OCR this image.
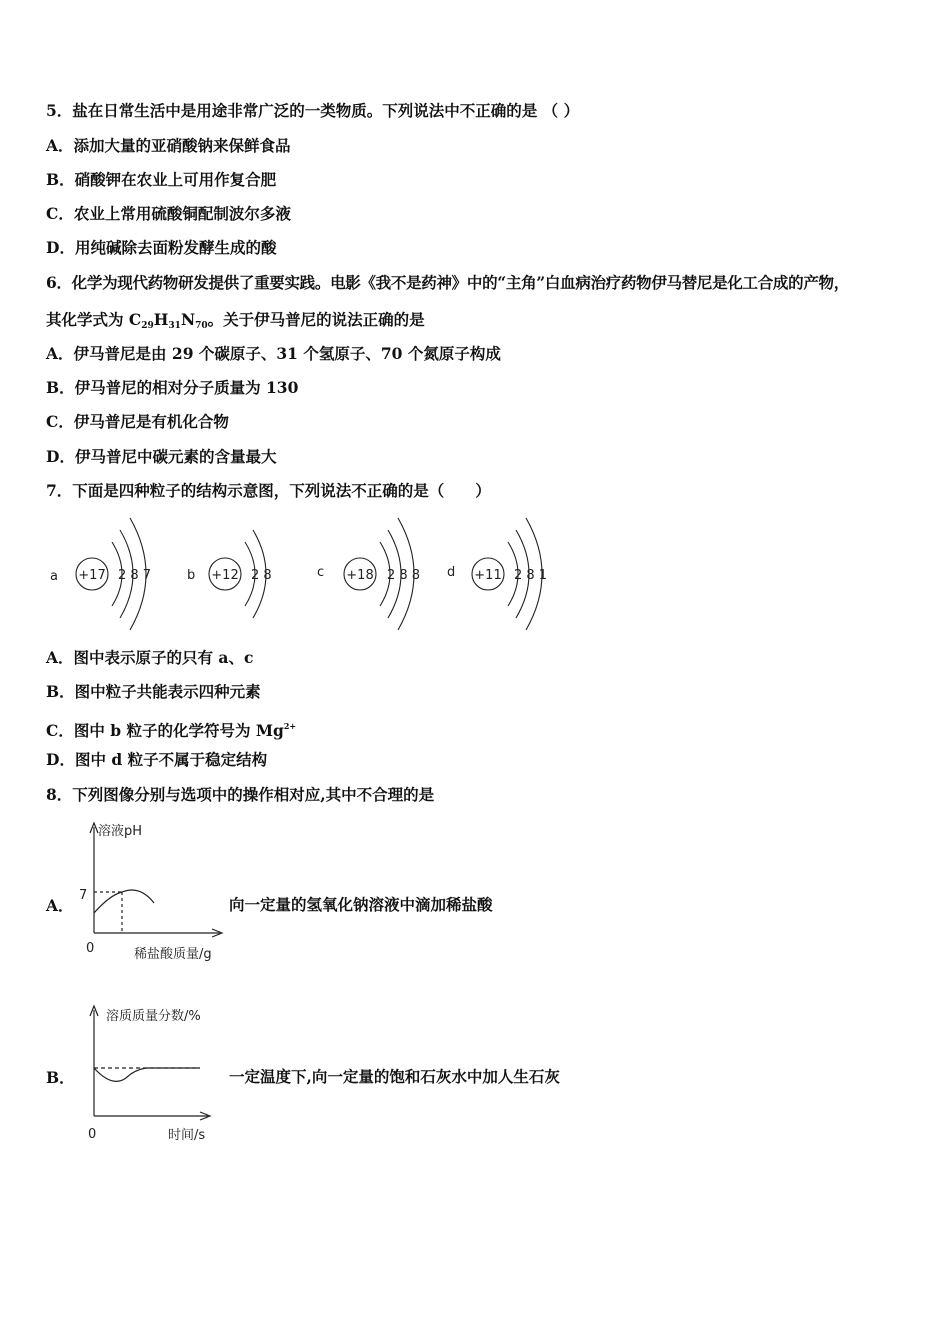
5．盐在日常生活中是用途非常广泛的一类物质。下列说法中不正确的是 （ ）
A．添加大量的亚硝酸钠来保鲜食品
B．硝酸钾在农业上可用作复合肥
C．农业上常用硫酸铜配制波尔多液
D．用纯碱除去面粉发酵生成的酸
6．化学为现代药物研发提供了重要实践。电影《我不是药神》中的“主角”白血病治疗药物伊马替尼是化工合成的产物，
其化学式为 $C_{29}H_{31}N_{70}$。关于伊马普尼的说法正确的是
A．伊马普尼是由 29 个碳原子、31 个氢原子、70 个氮原子构成
B．伊马普尼的相对分子质量为 130
C．伊马普尼是有机化合物
D．伊马普尼中碳元素的含量最大
7．下面是四种粒子的结构示意图，下列说法不正确的是（　　）
a +17 2 8 7	b +12 2 8	c +18 2 8 8 d +11 2 8 1
A．图中表示原子的只有 a、c
B．图中粒子共能表示四种元素
C．图中 b 粒子的化学符号为 $Mg^{2+}$
D．图中 d 粒子不属于稳定结构
8．下列图像分别与选项中的操作相对应,其中不合理的是
A．
溶液pH
7
0	稀盐酸质量/g
向一定量的氢氧化钠溶液中滴加稀盐酸
B．
溶质质量分数/%
0	时间/s
一定温度下,向一定量的饱和石灰水中加人生石灰
